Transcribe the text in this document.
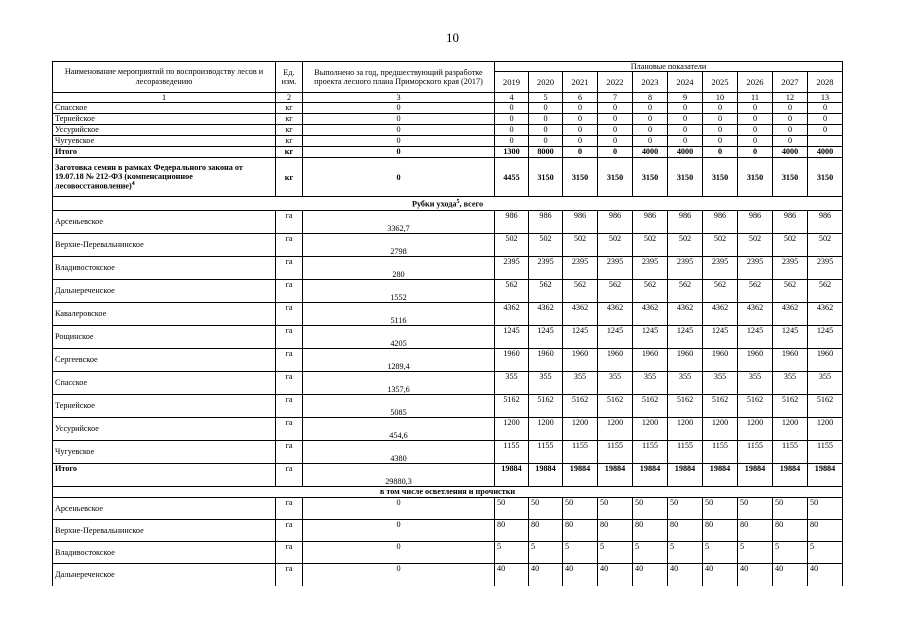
10
Наименование мероприятий по воспроизводству лесов и лесоразведению	Ед. изм.	Выполнено за год, предшествующий разработке проекта лесного плана Приморского края (2017)	Плановые показатели									
			2019	2020	2021	2022	2023	2024	2025	2026	2027	2028
1	2	3	4	5	6	7	8	9	10	11	12	13
Спасское	кг	0	0	0	0	0	0	0	0	0	0	0
Тернейское	кг	0	0	0	0	0	0	0	0	0	0	0
Уссурийское	кг	0	0	0	0	0	0	0	0	0	0	0
Чугуевское	кг	0	0	0	0	0	0	0	0	0	0	
Итого	кг	0	1300	8000	0	0	4000	4000	0	0	4000	4000
Заготовка семян в рамках Федерального закона от 19.07.18 № 212-ФЗ (компенсационное лесовосстановление)$^4$	кг	0	4455	3150	3150	3150	3150	3150	3150	3150	3150	3150
Рубки ухода$^5$, всего												
Арсеньевское	га	3362,7	986	986	986	986	986	986	986	986	986	986
Верхне-Перевальнинское	га	2798	502	502	502	502	502	502	502	502	502	502
Владивостокское	га	280	2395	2395	2395	2395	2395	2395	2395	2395	2395	2395
Дальнереченское	га	1552	562	562	562	562	562	562	562	562	562	562
Кавалеровское	га	5116	4362	4362	4362	4362	4362	4362	4362	4362	4362	4362
Рощинское	га	4205	1245	1245	1245	1245	1245	1245	1245	1245	1245	1245
Сергеевское	га	1289,4	1960	1960	1960	1960	1960	1960	1960	1960	1960	1960
Спасское	га	1357,6	355	355	355	355	355	355	355	355	355	355
Тернейское	га	5085	5162	5162	5162	5162	5162	5162	5162	5162	5162	5162
Уссурийское	га	454,6	1200	1200	1200	1200	1200	1200	1200	1200	1200	1200
Чугуевское	га	4380	1155	1155	1155	1155	1155	1155	1155	1155	1155	1155
Итого	га	29880,3	19884	19884	19884	19884	19884	19884	19884	19884	19884	19884
в том числе осветления и прочистки												
Арсеньевское	га	0	50	50	50	50	50	50	50	50	50	50
Верхне-Перевальнинское	га	0	80	80	80	80	80	80	80	80	80	80
Владивостокское	га	0	5	5	5	5	5	5	5	5	5	5
Дальнереченское	га	0	40	40	40	40	40	40	40	40	40	40
